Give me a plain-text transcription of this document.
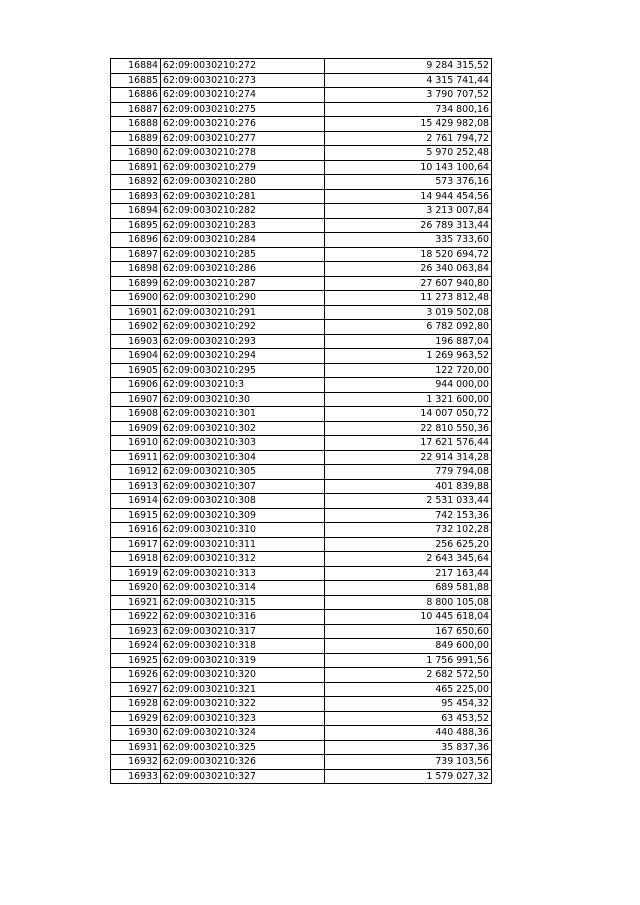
16884	62:09:0030210:272	9 284 315,52
16885	62:09:0030210:273	4 315 741,44
16886	62:09:0030210:274	3 790 707,52
16887	62:09:0030210:275	734 800,16
16888	62:09:0030210:276	15 429 982,08
16889	62:09:0030210:277	2 761 794,72
16890	62:09:0030210:278	5 970 252,48
16891	62:09:0030210:279	10 143 100,64
16892	62:09:0030210:280	573 376,16
16893	62:09:0030210:281	14 944 454,56
16894	62:09:0030210:282	3 213 007,84
16895	62:09:0030210:283	26 789 313,44
16896	62:09:0030210:284	335 733,60
16897	62:09:0030210:285	18 520 694,72
16898	62:09:0030210:286	26 340 063,84
16899	62:09:0030210:287	27 607 940,80
16900	62:09:0030210:290	11 273 812,48
16901	62:09:0030210:291	3 019 502,08
16902	62:09:0030210:292	6 782 092,80
16903	62:09:0030210:293	196 887,04
16904	62:09:0030210:294	1 269 963,52
16905	62:09:0030210:295	122 720,00
16906	62:09:0030210:3	944 000,00
16907	62:09:0030210:30	1 321 600,00
16908	62:09:0030210:301	14 007 050,72
16909	62:09:0030210:302	22 810 550,36
16910	62:09:0030210:303	17 621 576,44
16911	62:09:0030210:304	22 914 314,28
16912	62:09:0030210:305	779 794,08
16913	62:09:0030210:307	401 839,88
16914	62:09:0030210:308	2 531 033,44
16915	62:09:0030210:309	742 153,36
16916	62:09:0030210:310	732 102,28
16917	62:09:0030210:311	256 625,20
16918	62:09:0030210:312	2 643 345,64
16919	62:09:0030210:313	217 163,44
16920	62:09:0030210:314	689 581,88
16921	62:09:0030210:315	8 800 105,08
16922	62:09:0030210:316	10 445 618,04
16923	62:09:0030210:317	167 650,60
16924	62:09:0030210:318	849 600,00
16925	62:09:0030210:319	1 756 991,56
16926	62:09:0030210:320	2 682 572,50
16927	62:09:0030210:321	465 225,00
16928	62:09:0030210:322	95 454,32
16929	62:09:0030210:323	63 453,52
16930	62:09:0030210:324	440 488,36
16931	62:09:0030210:325	35 837,36
16932	62:09:0030210:326	739 103,56
16933	62:09:0030210:327	1 579 027,32
